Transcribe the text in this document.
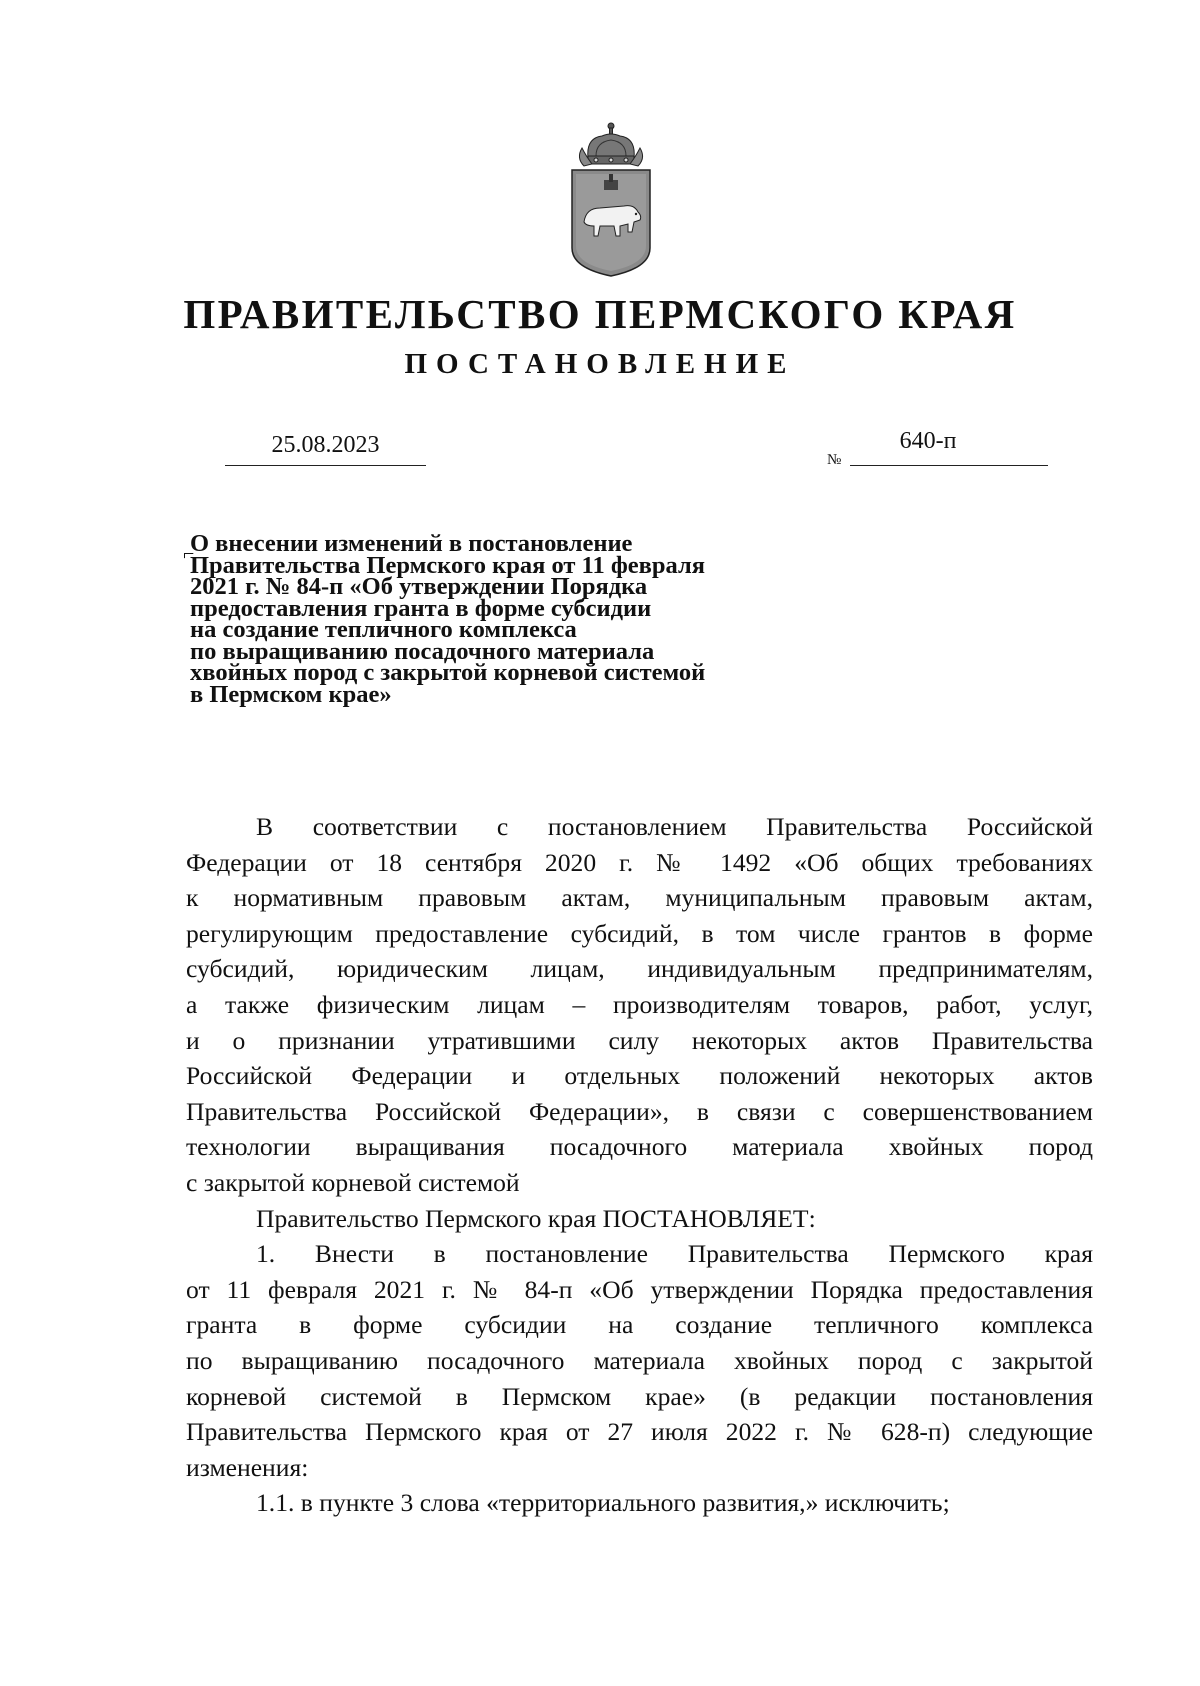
ПРАВИТЕЛЬСТВО ПЕРМСКОГО КРАЯ
ПОСТАНОВЛЕНИЕ
25.08.2023
№
640-п
⌐
О внесении изменений в постановление
Правительства Пермского края от 11 февраля
2021 г. № 84-п «Об утверждении Порядка
предоставления гранта в форме субсидии
на создание тепличного комплекса
по выращиванию посадочного материала
хвойных пород с закрытой корневой системой
в Пермском крае»
В соответствии с постановлением Правительства Российской
Федерации от 18 сентября 2020 г. № 1492 «Об общих требованиях
к нормативным правовым актам, муниципальным правовым актам,
регулирующим предоставление субсидий, в том числе грантов в форме
субсидий, юридическим лицам, индивидуальным предпринимателям,
а также физическим лицам – производителям товаров, работ, услуг,
и о признании утратившими силу некоторых актов Правительства
Российской Федерации и отдельных положений некоторых актов
Правительства Российской Федерации», в связи с совершенствованием
технологии выращивания посадочного материала хвойных пород
с закрытой корневой системой
Правительство Пермского края ПОСТАНОВЛЯЕТ:
1. Внести в постановление Правительства Пермского края
от 11 февраля 2021 г. № 84-п «Об утверждении Порядка предоставления
гранта в форме субсидии на создание тепличного комплекса
по выращиванию посадочного материала хвойных пород с закрытой
корневой системой в Пермском крае» (в редакции постановления
Правительства Пермского края от 27 июля 2022 г. № 628-п) следующие
изменения:
1.1. в пункте 3 слова «территориального развития,» исключить;
